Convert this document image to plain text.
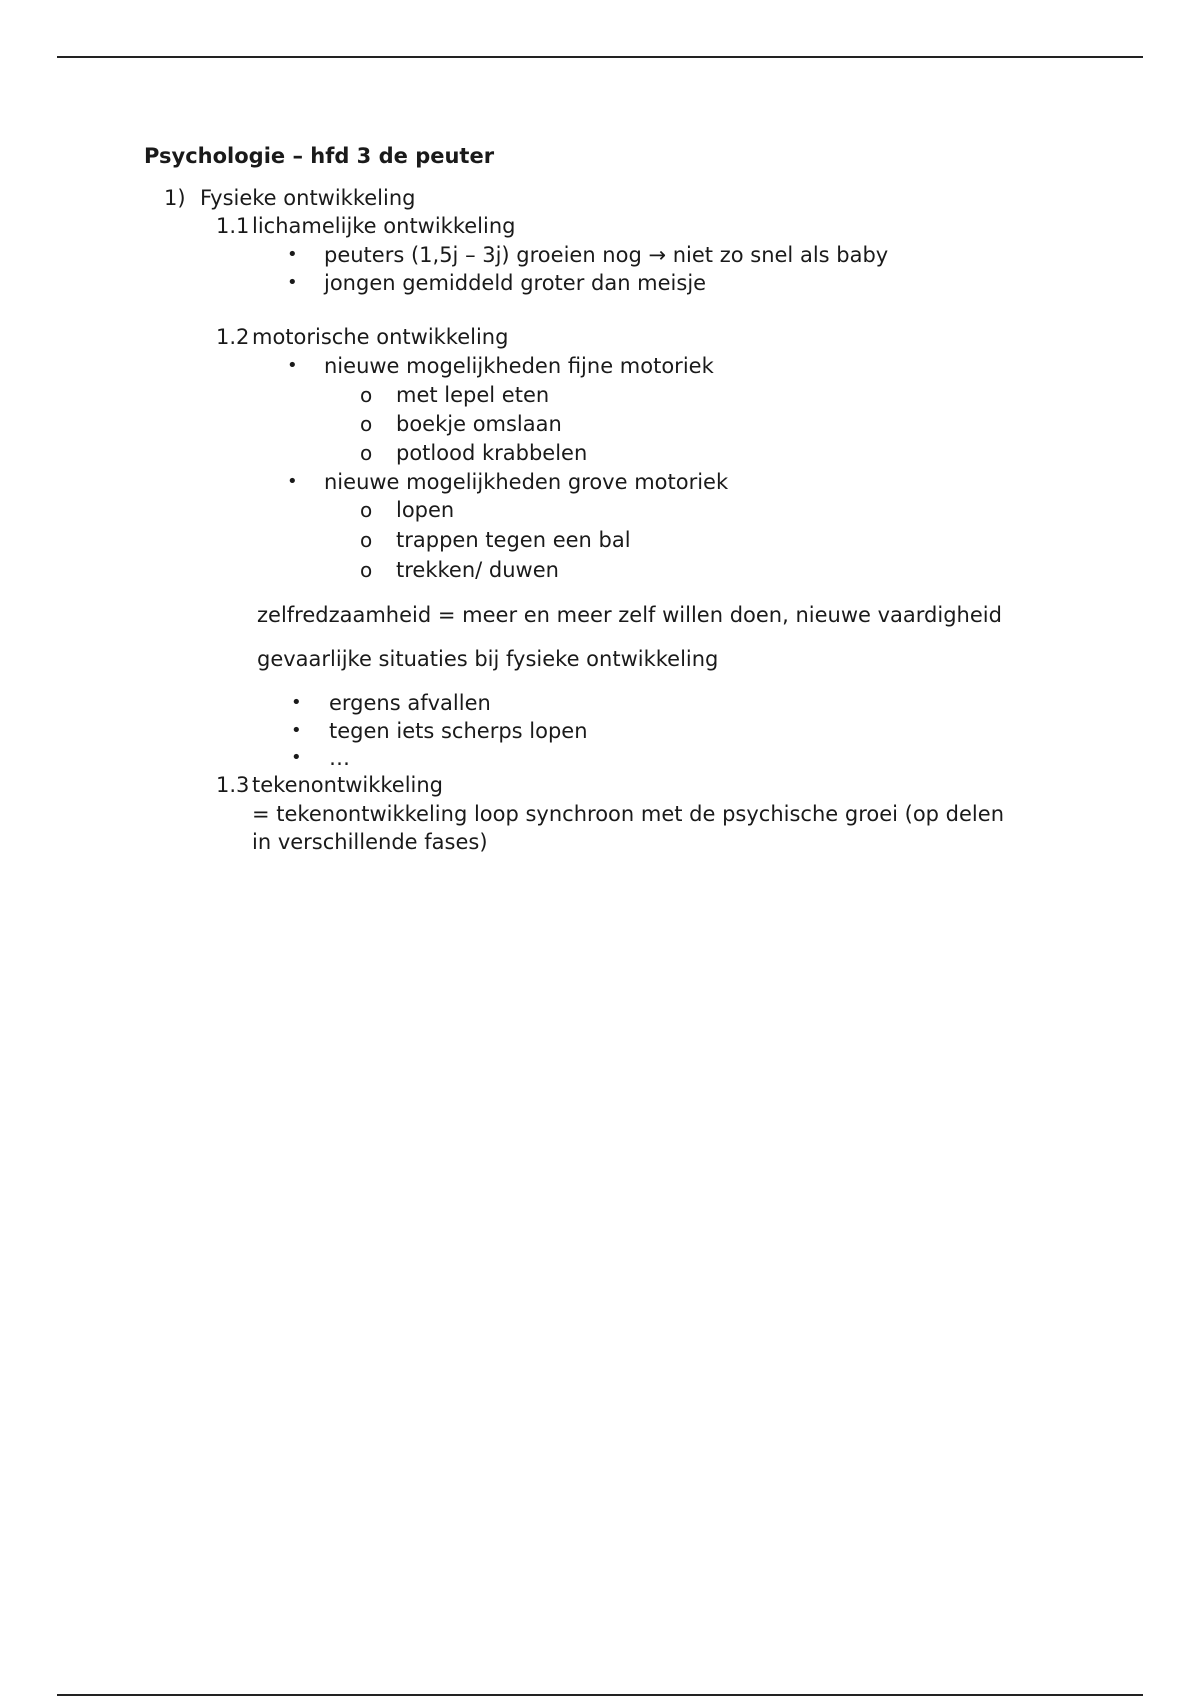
Psychologie – hfd 3 de peuter
1) Fysieke ontwikkeling
1.1 lichamelijke ontwikkeling
• peuters (1,5j – 3j) groeien nog → niet zo snel als baby
• jongen gemiddeld groter dan meisje
1.2 motorische ontwikkeling
• nieuwe mogelijkheden fijne motoriek
o met lepel eten
o boekje omslaan
o potlood krabbelen
• nieuwe mogelijkheden grove motoriek
o lopen
o trappen tegen een bal
o trekken/ duwen
zelfredzaamheid = meer en meer zelf willen doen, nieuwe vaardigheid
gevaarlijke situaties bij fysieke ontwikkeling
• ergens afvallen
• tegen iets scherps lopen
• …
1.3 tekenontwikkeling
= tekenontwikkeling loop synchroon met de psychische groei (op delen
in verschillende fases)
